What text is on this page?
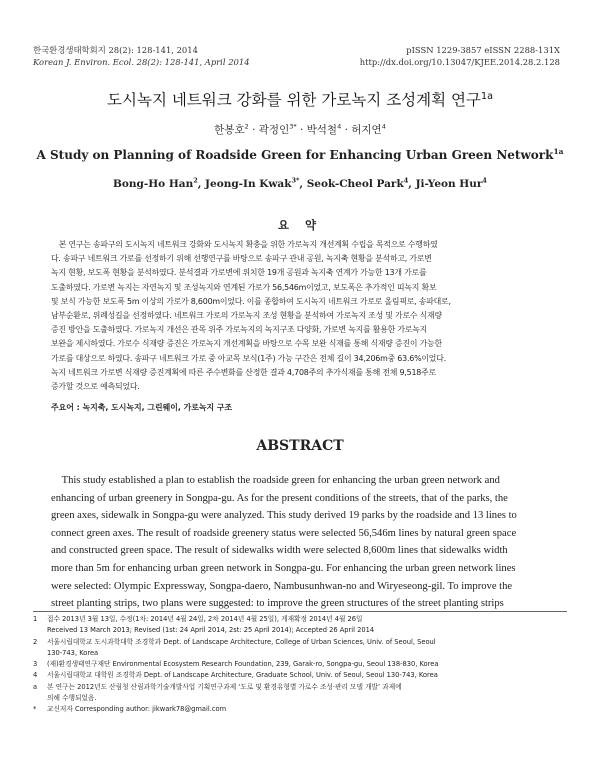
한국환경생태학회지 28(2): 128-141, 2014
Korean J. Environ. Ecol. 28(2): 128-141, April 2014
pISSN 1229-3857 eISSN 2288-131X
http://dx.doi.org/10.13047/KJEE.2014.28.2.128
도시녹지 네트워크 강화를 위한 가로녹지 조성계획 연구$^{1a}$
한봉호$^2$ · 곽정인$^{3*}$ · 박석철$^4$ · 허지연$^4$
A Study on Planning of Roadside Green for Enhancing Urban Green Network$^{1a}$
Bong-Ho Han$^2$, Jeong-In Kwak$^{3*}$, Seok-Cheol Park$^4$, Ji-Yeon Hur$^4$
요 약
　본 연구는 송파구의 도시녹지 네트워크 강화와 도시녹지 확충을 위한 가로녹지 개선계획 수립을 목적으로 수행하였
다. 송파구 네트워크 가로를 선정하기 위해 선행연구를 바탕으로 송파구 관내 공원, 녹지축 현황을 분석하고, 가로변
녹지 현황, 보도폭 현황을 분석하였다. 분석결과 가로변에 위치한 19개 공원과 녹지축 연계가 가능한 13개 가로를
도출하였다. 가로변 녹지는 자연녹지 및 조성녹지와 연계된 가로가 56,546m이었고, 보도폭은 추가적인 띠녹지 확보
및 보식 가능한 보도폭 5m 이상의 가로가 8,600m이었다. 이를 종합하여 도시녹지 네트워크 가로로 올림픽로, 송파대로,
남부순환로, 위례성길을 선정하였다. 네트워크 가로의 가로녹지 조성 현황을 분석하여 가로녹지 조성 및 가로수 식재량
증진 방안을 도출하였다. 가로녹지 개선은 관목 위주 가로녹지의 녹지구조 다양화, 가로변 녹지를 활용한 가로녹지
보완을 제시하였다. 가로수 식재량 증진은 가로녹지 개선계획을 바탕으로 수목 보완 식재를 통해 식재량 증진이 가능한
가로를 대상으로 하였다. 송파구 네트워크 가로 중 아교목 보식(1주) 가능 구간은 전체 길이 34,206m중 63.6%이었다.
녹지 네트워크 가로변 식재량 증진계획에 따른 주수변화를 산정한 결과 4,708주의 추가식재를 통해 전체 9,518주로
증가할 것으로 예측되었다.
주요어 : 녹지축, 도시녹지, 그린웨이, 가로녹지 구조
ABSTRACT
　This study established a plan to establish the roadside green for enhancing the urban green network and
enhancing of urban greenery in Songpa-gu. As for the present conditions of the streets, that of the parks, the
green axes, sidewalk in Songpa-gu were analyzed. This study derived 19 parks by the roadside and 13 lines to
connect green axes. The result of roadside greenery status were selected 56,546m lines by natural green space
and constructed green space. The result of sidewalks width were selected 8,600m lines that sidewalks width
more than 5m for enhancing urban green network in Songpa-gu. For enhancing the urban green network lines
were selected: Olympic Expressway, Songpa-daero, Nambusunhwan-no and Wiryeseong-gil. To improve the
street planting strips, two plans were suggested: to improve the green structures of the street planting strips
1 접수 2013년 3월 13일, 수정(1차: 2014년 4월 24일, 2차 2014년 4월 25일), 게재확정 2014년 4월 26일
Received 13 March 2013; Revised (1st: 24 April 2014, 2st: 25 April 2014); Accepted 26 April 2014
2 서울시립대학교 도시과학대학 조경학과 Dept. of Landscape Architecture, College of Urban Sciences, Univ. of Seoul, Seoul
130-743, Korea
3 (재)환경생태연구재단 Environmental Ecosystem Research Foundation, 239, Garak-ro, Songpa-gu, Seoul 138-830, Korea
4 서울시립대학교 대학원 조경학과 Dept. of Landscape Architecture, Graduate School, Univ. of Seoul, Seoul 130-743, Korea
a 본 연구는 2012년도 산림청 산림과학기술개발사업 기획연구과제 ‘도로 및 환경유형별 가로수 조성·관리 모델 개발’ 과제에
의해 수행되었음.
* 교신저자 Corresponding author: jikwark78@gmail.com
